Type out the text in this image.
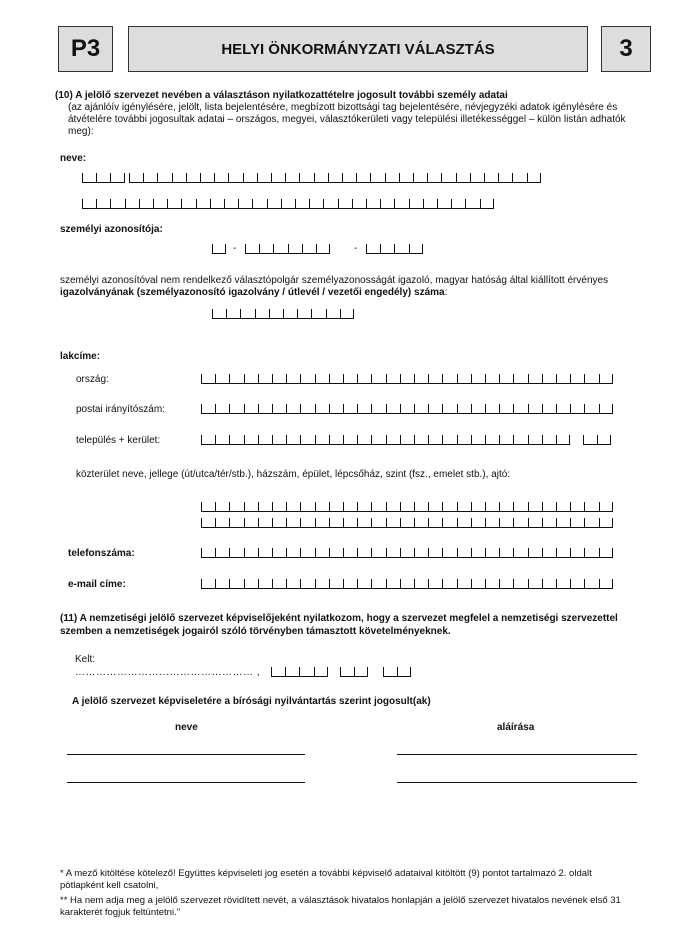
P3	HELYI ÖNKORMÁNYZATI VÁLASZTÁS	3
(10) A jelölő szervezet nevében a választáson nyilatkozattételre jogosult további személy adatai
(az ajánlóív igénylésére, jelölt, lista bejelentésére, megbízott bizottsági tag bejelentésére, névjegyzéki adatok igénylésére és
átvételére további jogosultak adatai – országos, megyei, választókerületi vagy települési illetékességgel – külön listán adhatók
meg):
neve:
személyi azonosítója:
-	-
személyi azonosítóval nem rendelkező választópolgár személyazonosságát igazoló, magyar hatóság által kiállított érvényes
igazolványának (személyazonosító igazolvány / útlevél / vezetői engedély) száma:
lakcíme:
ország:
postai irányítószám:
település + kerület:
közterület neve, jellege (út/utca/tér/stb.), házszám, épület, lépcsőház, szint (fsz., emelet stb.), ajtó:
telefonszáma:
e-mail címe:
(11) A nemzetiségi jelölő szervezet képviselőjeként nyilatkozom, hogy a szervezet megfelel a nemzetiségi szervezettel
szemben a nemzetiségek jogairól szóló törvényben támasztott követelményeknek.
Kelt:
…………………………………………… ,
A jelölő szervezet képviseletére a bírósági nyilvántartás szerint jogosult(ak)
neve	aláírása
* A mező kitöltése kötelező! Együttes képviseleti jog esetén a további képviselő adataival kitöltött (9) pontot tartalmazó 2. oldalt
pótlapként kell csatolni,
** Ha nem adja meg a jelölő szervezet rövidített nevét, a választások hivatalos honlapján a jelölő szervezet hivatalos nevének első 31
karakterét fogjuk feltüntetni."
